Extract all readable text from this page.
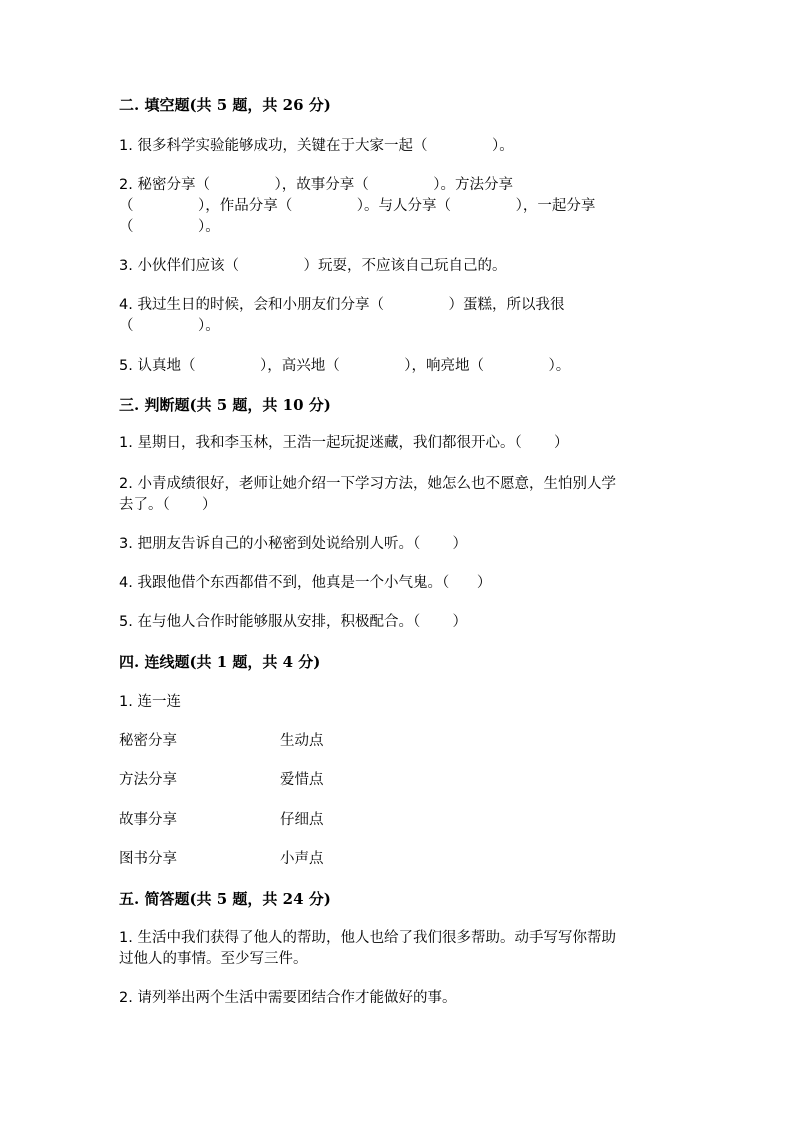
二. 填空题(共 5 题，共 26 分)
1. 很多科学实验能够成功，关键在于大家一起（              ）。
2. 秘密分享（              ），故事分享（              ）。方法分享
（              ），作品分享（              ）。与人分享（              ），一起分享
（              ）。
3. 小伙伴们应该（              ）玩耍，不应该自己玩自己的。
4. 我过生日的时候，会和小朋友们分享（              ）蛋糕，所以我很
（              ）。
5. 认真地（              ），高兴地（              ），响亮地（              ）。
三. 判断题(共 5 题，共 10 分)
1. 星期日，我和李玉林，王浩一起玩捉迷藏，我们都很开心。（       ）
2. 小青成绩很好，老师让她介绍一下学习方法，她怎么也不愿意，生怕别人学
去了。（       ）
3. 把朋友告诉自己的小秘密到处说给别人听。（       ）
4. 我跟他借个东西都借不到，他真是一个小气鬼。（      ）
5. 在与他人合作时能够服从安排，积极配合。（       ）
四. 连线题(共 1 题，共 4 分)
1. 连一连
秘密分享	生动点
方法分享	爱惜点
故事分享	仔细点
图书分享	小声点
五. 简答题(共 5 题，共 24 分)
1. 生活中我们获得了他人的帮助，他人也给了我们很多帮助。动手写写你帮助
过他人的事情。至少写三件。
2. 请列举出两个生活中需要团结合作才能做好的事。
